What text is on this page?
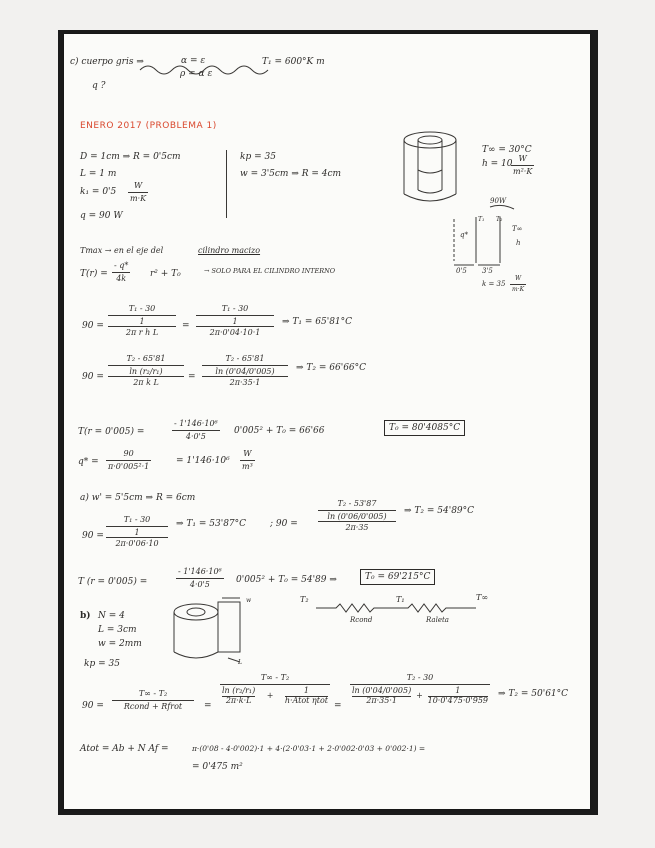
c) cuerpo gris ⇒	α = ε
ρ = α ε
q ?
T₁ = 600°K m
ENERO 2017 (PROBLEMA 1)
D = 1cm ⇒ R = 0'5cm
L = 1 m
$k_1 = 0'5 \frac{W}{m\cdot K}$
q = 90 W
kp = 35
w = 3'5cm ⇒ R = 4cm
T∞ = 30°C
h = 10
$\frac{W}{\text{m²·K}}$
90W
q*
T₁ T₂
T∞
h
0'5 3'5
$k = 35 \frac{W}{m\cdot K}$
Tmax → en el eje del	cilindro macizo
$T(r) = \frac{- q*}{4k} r^2 + T_0$	→ SOLO PARA EL CILINDRO INTERNO
90 =
T₁ - 30
1
2π r h L
=
T₁ - 30
1
2π·0'04·10·1
⇒ T₁ = 65'81°C
90 =
T₂ - 65'81
ln (r₂/r₁)
2π k L
=
T₂ - 65'81
ln (0'04/0'005)
2π·35·1
⇒ T₂ = 66'66°C
T(r = 0'005) =	$\frac{\text{- 1'146·10⁶}}{4\cdot 0'5} 0'005^2 + T_0 = 66'66$	T₀ = 80'4085°C
$q* = \frac{90}{\text{π·0'005²·1}}$	= $1'146\cdot 10^6 \frac{W}{\text{m³}}$
a) w' = 5'5cm ⇒ R = 6cm
90 =
T₁ - 30
1
2π·0'06·10
⇒ T₁ = 53'87°C	; 90 =
T₂ - 53'87
ln (0'06/0'005)
2π·35
⇒ T₂ = 54'89°C
T (r = 0'005) =	$\frac{\text{- 1'146·10⁶}}{4\cdot 0'5} 0'005^2 + T_0 = 54'89$ ⇒	T₀ = 69'215°C
b) N = 4
L = 3cm
w = 2mm
kp = 35
w
L
T₂	T₁	T∞
Rcond	Raleta
90 =
T∞ - T₂
Rcond + Rfrot	=
T∞ - T₂
ln (r₂/r₁)
2π·k·L
+
1
h·Atot ηtot
=
T₂ - 30
ln (0'04/0'005)
2π·35·1
+ $\frac{1}{10\cdot 0'475\cdot 0'959}$ ⇒ T₂ = 50'61°C
Atot = Ab + N Af =	π·(0'08 - 4·0'002)·1 + 4·(2·0'03·1 + 2·0'002·0'03 + 0'002·1) =
= 0'475 m²
